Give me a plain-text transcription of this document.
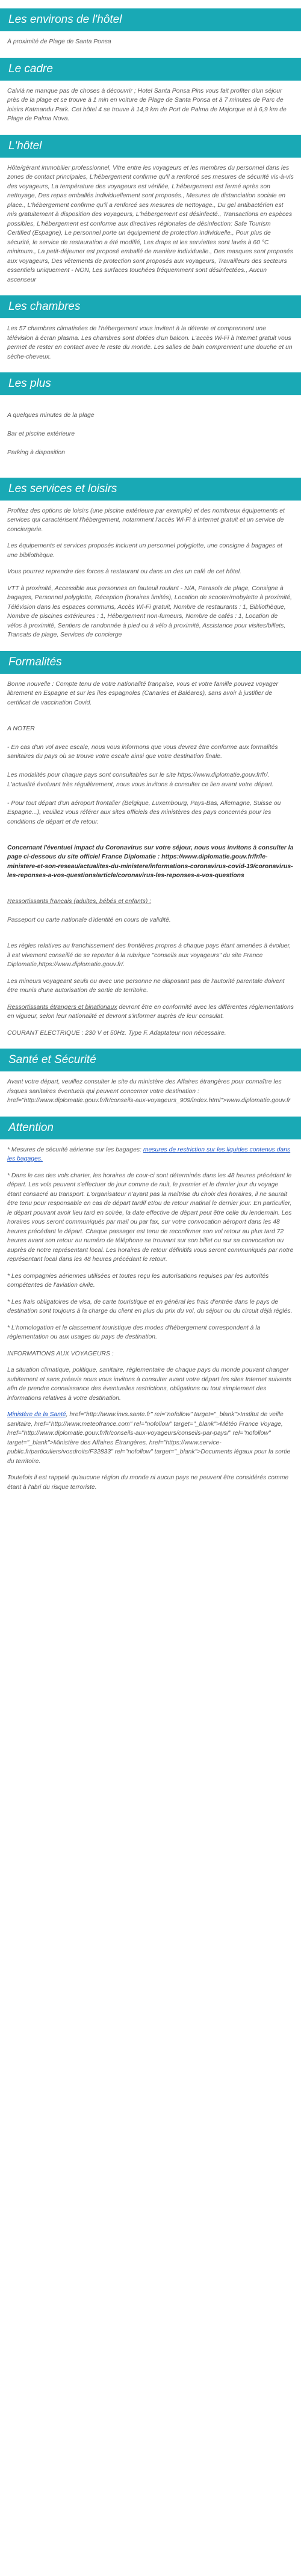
Les environs de l'hôtel

À proximité de Plage de Santa Ponsa

Le cadre

Calvià ne manque pas de choses à découvrir ; Hotel Santa Ponsa Pins vous fait profiter d'un séjour près de la plage et se trouve à 1 min en voiture de Plage de Santa Ponsa et à 7 minutes de Parc de loisirs Katmandu Park. Cet hôtel 4 se trouve à 14,9 km de Port de Palma de Majorque et à 6,9 km de Plage de Palma Nova.

L'hôtel

Hôte/gérant immobilier professionnel, Vitre entre les voyageurs et les membres du personnel dans les zones de contact principales, L'hébergement confirme qu'il a renforcé ses mesures de sécurité vis-à-vis des voyageurs, La température des voyageurs est vérifiée, L'hébergement est fermé après son nettoyage, Des repas emballés individuellement sont proposés., Mesures de distanciation sociale en place., L'hébergement confirme qu'il a renforcé ses mesures de nettoyage., Du gel antibactérien est mis gratuitement à disposition des voyageurs, L'hébergement est désinfecté., Transactions en espèces possibles, L'hébergement est conforme aux directives régionales de désinfection: Safe Tourism Certified (Espagne), Le personnel porte un équipement de protection individuelle., Pour plus de sécurité, le service de restauration a été modifié, Les draps et les serviettes sont lavés à 60 °C minimum., La petit-déjeuner est proposé emballé de manière individuelle., Des masques sont proposés aux voyageurs, Des vêtements de protection sont proposés aux voyageurs, Travailleurs des secteurs essentiels uniquement - NON, Les surfaces touchées fréquemment sont désinfectées., Aucun ascenseur

Les chambres

Les 57 chambres climatisées de l'hébergement vous invitent à la détente et comprennent une télévision à écran plasma. Les chambres sont dotées d'un balcon. L'accès Wi-Fi à Internet gratuit vous permet de rester en contact avec le reste du monde. Les salles de bain comprennent une douche et un sèche-cheveux.

Les plus

A quelques minutes de la plage

Bar et piscine extérieure

Parking à disposition

Les services et loisirs

Profitez des options de loisirs (une piscine extérieure par exemple) et des nombreux équipements et services qui caractérisent l'hébergement, notamment l'accès Wi-Fi à Internet gratuit et un service de conciergerie.

Les équipements et services proposés incluent un personnel polyglotte, une consigne à bagages et une bibliothèque.

Vous pourrez reprendre des forces à restaurant ou dans un des un café de cet hôtel.

VTT à proximité, Accessible aux personnes en fauteuil roulant - N/A, Parasols de plage, Consigne à bagages, Personnel polyglotte, Réception (horaires limités), Location de scooter/mobylette à proximité, Télévision dans les espaces communs, Accès Wi-Fi gratuit, Nombre de restaurants : 1, Bibliothèque, Nombre de piscines extérieures : 1, Hébergement non-fumeurs, Nombre de cafés : 1, Location de vélos à proximité, Sentiers de randonnée à pied ou à vélo à proximité, Assistance pour visites/billets, Transats de plage, Services de concierge

Formalités

Bonne nouvelle : Compte tenu de votre nationalité française, vous et votre famille pouvez voyager librement en Espagne et sur les îles espagnoles (Canaries et Baléares), sans avoir à justifier de certificat de vaccination Covid.

A NOTER

- En cas d'un vol avec escale, nous vous informons que vous devrez être conforme aux formalités sanitaires du pays où se trouve votre escale ainsi que votre destination finale.

Les modalités pour chaque pays sont consultables sur le site https://www.diplomatie.gouv.fr/fr/. L'actualité évoluant très régulièrement, nous vous invitons à consulter ce lien avant votre départ.

- Pour tout départ d'un aéroport frontalier (Belgique, Luxembourg, Pays-Bas, Allemagne, Suisse ou Espagne...), veuillez vous référer aux sites officiels des ministères des pays concernés pour les conditions de départ et de retour.

Concernant l'éventuel impact du Coronavirus sur votre séjour, nous vous invitons à consulter la page ci-dessous du site officiel France Diplomatie : https://www.diplomatie.gouv.fr/fr/le-ministere-et-son-reseau/actualites-du-ministere/informations-coronavirus-covid-19/coronavirus-les-reponses-a-vos-questions/article/coronavirus-les-reponses-a-vos-questions

Ressortissants français (adultes, bébés et enfants) :

Passeport ou carte nationale d'identité en cours de validité.

Les règles relatives au franchissement des frontières propres à chaque pays étant amenées à évoluer, il est vivement conseillé de se reporter à la rubrique "conseils aux voyageurs" du site France Diplomatie,https://www.diplomatie.gouv.fr/.

Les mineurs voyageant seuls ou avec une personne ne disposant pas de l'autorité parentale doivent être munis d'une autorisation de sortie de territoire.

Ressortissants étrangers et binationaux devront être en conformité avec les différentes réglementations en vigueur, selon leur nationalité et devront s'informer auprès de leur consulat.

COURANT ELECTRIQUE : 230 V et 50Hz. Type F. Adaptateur non nécessaire.

Santé et Sécurité

Avant votre départ, veuillez consulter le site du ministère des Affaires étrangères pour connaître les risques sanitaires éventuels qui peuvent concerner votre destination : href="http://www.diplomatie.gouv.fr/fr/conseils-aux-voyageurs_909/index.html">www.diplomatie.gouv.fr

Attention

* Mesures de sécurité aérienne sur les bagages: mesures de restriction sur les liquides contenus dans les bagages.

* Dans le cas des vols charter, les horaires de cour-ci sont déterminés dans les 48 heures précédant le départ. Les vols peuvent s'effectuer de jour comme de nuit, le premier et le dernier jour du voyage étant consacré au transport. L'organisateur n'ayant pas la maîtrise du choix des horaires, il ne saurait être tenu pour responsable en cas de départ tardif et/ou de retour matinal le dernier jour. En particulier, le départ pouvant avoir lieu tard en soirée, la date effective de départ peut être celle du lendemain. Les horaires vous seront communiqués par mail ou par fax, sur votre convocation aéroport dans les 48 heures précédant le départ. Chaque passager est tenu de reconfirmer son vol retour au plus tard 72 heures avant son retour au numéro de téléphone se trouvant sur son billet ou sur sa convocation ou auprès de notre représentant local. Les horaires de retour définitifs vous seront communiqués par notre représentant local dans les 48 heures précédant le retour.

* Les compagnies aériennes utilisées et toutes reçu les autorisations requises par les autorités compétentes de l'aviation civile.

* Les frais obligatoires de visa, de carte touristique et en général les frais d'entrée dans le pays de destination sont toujours à la charge du client en plus du prix du vol, du séjour ou du circuit déjà réglés.

* L'homologation et le classement touristique des modes d'hébergement correspondent à la réglementation ou aux usages du pays de destination.

INFORMATIONS AUX VOYAGEURS :

La situation climatique, politique, sanitaire, réglementaire de chaque pays du monde pouvant changer subitement et sans préavis nous vous invitons à consulter avant votre départ les sites Internet suivants afin de prendre connaissance des éventuelles restrictions, obligations ou tout simplement des informations relatives à votre destination.

Ministère de la Santé, href="http://www.invs.sante.fr" rel="nofollow" target="_blank">Institut de veille sanitaire, href="http://www.meteofrance.com" rel="nofollow" target="_blank">Météo France Voyage, href="http://www.diplomatie.gouv.fr/fr/conseils-aux-voyageurs/conseils-par-pays/" rel="nofollow" target="_blank">Ministère des Affaires Étrangères, href="https://www.service-public.fr/particuliers/vosdroits/F32833" rel="nofollow" target="_blank">Documents légaux pour la sortie du territoire.

Toutefois il est rappelé qu'aucune région du monde ni aucun pays ne peuvent être considérés comme étant à l'abri du risque terroriste.
